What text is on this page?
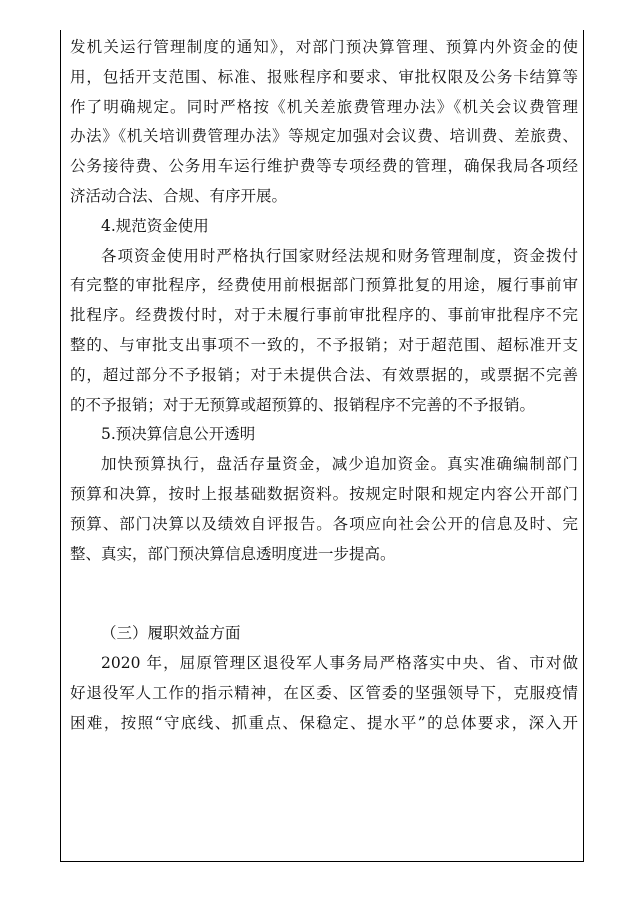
发机关运行管理制度的通知》，对部门预决算管理、预算内外资金的使
用，包括开支范围、标准、报账程序和要求、审批权限及公务卡结算等
作了明确规定。同时严格按《机关差旅费管理办法》《机关会议费管理
办法》《机关培训费管理办法》等规定加强对会议费、培训费、差旅费、
公务接待费、公务用车运行维护费等专项经费的管理，确保我局各项经
济活动合法、合规、有序开展。
4.规范资金使用
各项资金使用时严格执行国家财经法规和财务管理制度，资金拨付
有完整的审批程序，经费使用前根据部门预算批复的用途，履行事前审
批程序。经费拨付时，对于未履行事前审批程序的、事前审批程序不完
整的、与审批支出事项不一致的，不予报销；对于超范围、超标准开支
的，超过部分不予报销；对于未提供合法、有效票据的，或票据不完善
的不予报销；对于无预算或超预算的、报销程序不完善的不予报销。
5.预决算信息公开透明
加快预算执行，盘活存量资金，减少追加资金。真实准确编制部门
预算和决算，按时上报基础数据资料。按规定时限和规定内容公开部门
预算、部门决算以及绩效自评报告。各项应向社会公开的信息及时、完
整、真实，部门预决算信息透明度进一步提高。
（三）履职效益方面
2020 年，屈原管理区退役军人事务局严格落实中央、省、市对做
好退役军人工作的指示精神，在区委、区管委的坚强领导下，克服疫情
困难，按照“守底线、抓重点、保稳定、提水平”的总体要求，深入开
